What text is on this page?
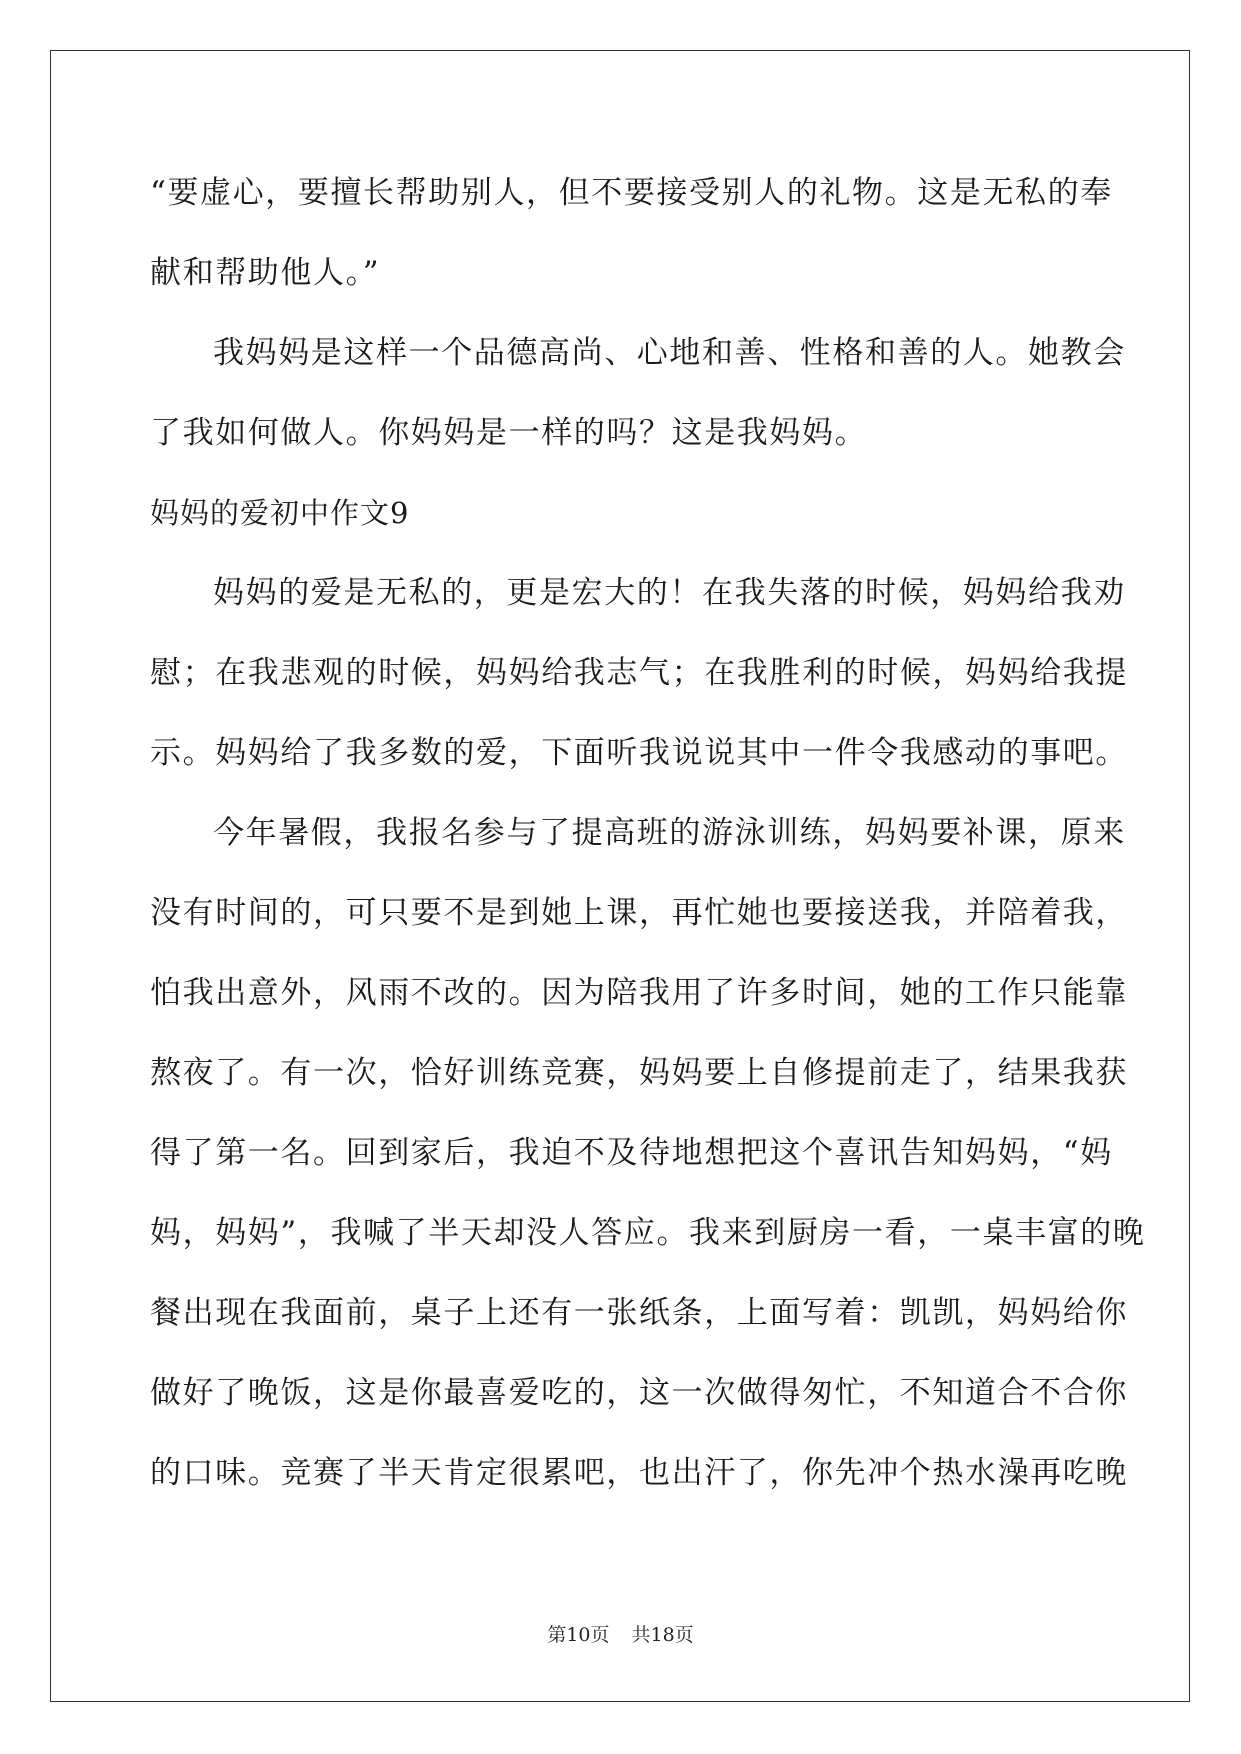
“要虚心，要擅长帮助别人，但不要接受别人的礼物。这是无私的奉
献和帮助他人。”
我妈妈是这样一个品德高尚、心地和善、性格和善的人。她教会
了我如何做人。你妈妈是一样的吗？这是我妈妈。
妈妈的爱初中作文9
妈妈的爱是无私的，更是宏大的！在我失落的时候，妈妈给我劝
慰；在我悲观的时候，妈妈给我志气；在我胜利的时候，妈妈给我提
示。妈妈给了我多数的爱，下面听我说说其中一件令我感动的事吧。
今年暑假，我报名参与了提高班的游泳训练，妈妈要补课，原来
没有时间的，可只要不是到她上课，再忙她也要接送我，并陪着我，
怕我出意外，风雨不改的。因为陪我用了许多时间，她的工作只能靠
熬夜了。有一次，恰好训练竞赛，妈妈要上自修提前走了，结果我获
得了第一名。回到家后，我迫不及待地想把这个喜讯告知妈妈，“妈
妈，妈妈”，我喊了半天却没人答应。我来到厨房一看，一桌丰富的晚
餐出现在我面前，桌子上还有一张纸条，上面写着：凯凯，妈妈给你
做好了晚饭，这是你最喜爱吃的，这一次做得匆忙，不知道合不合你
的口味。竞赛了半天肯定很累吧，也出汗了，你先冲个热水澡再吃晚
第10页 共18页
